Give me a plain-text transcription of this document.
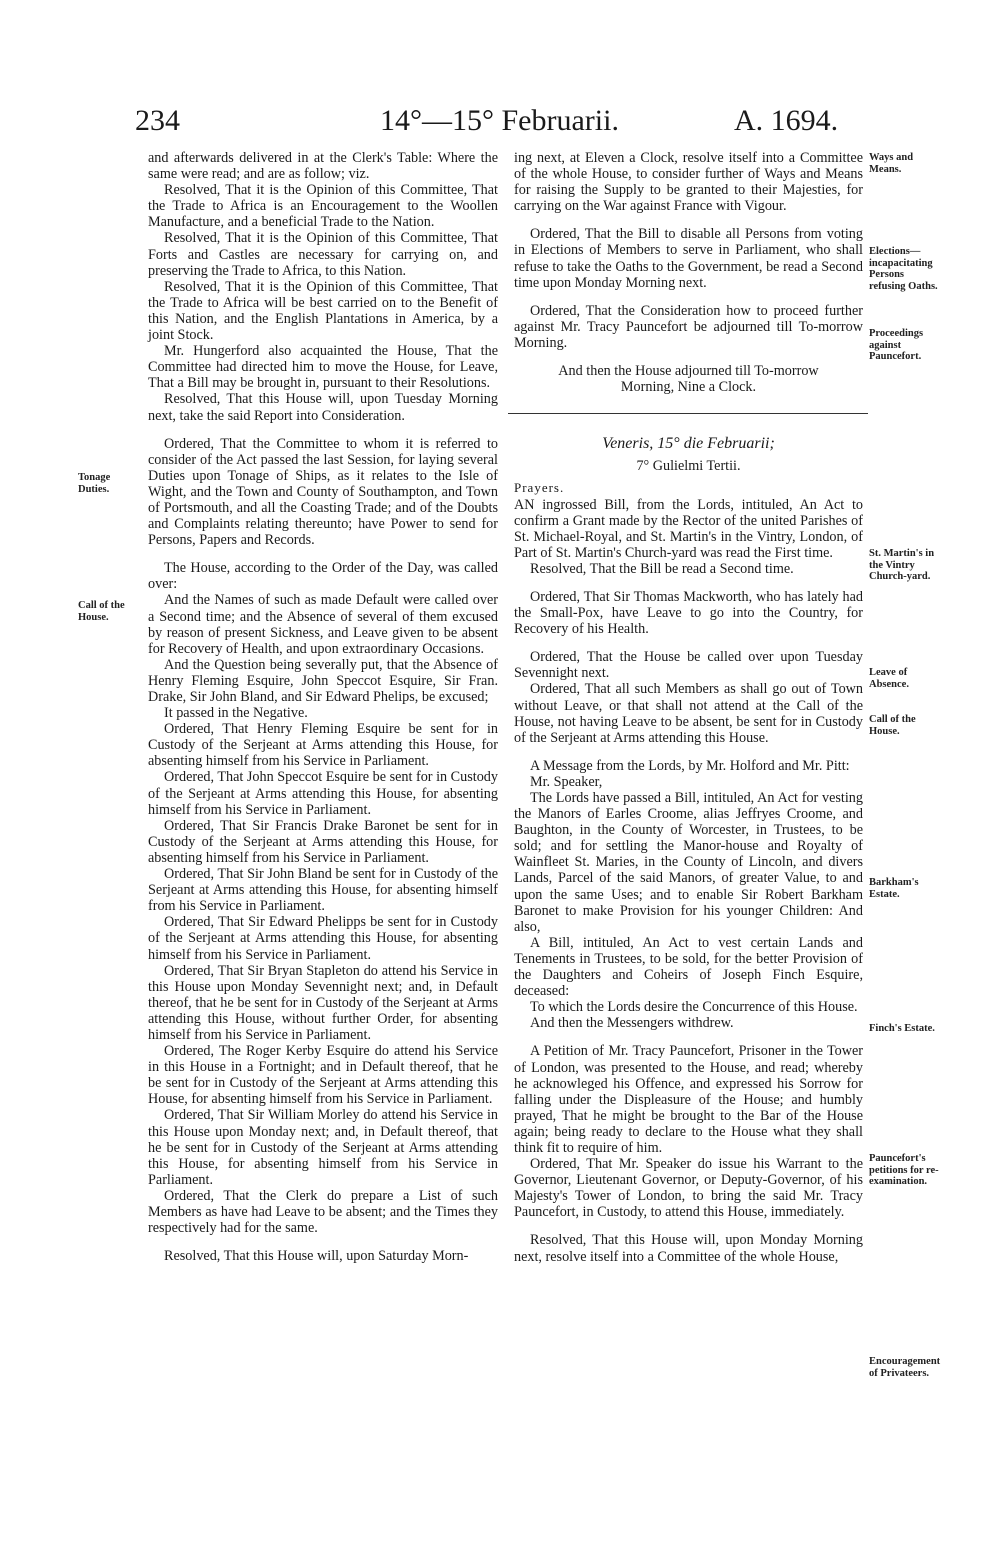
234	14°—15° Februarii.	A. 1694.

and afterwards delivered in at the Clerk's Table: Where the same were read; and are as follow; viz.

Resolved, That it is the Opinion of this Committee, That the Trade to Africa is an Encouragement to the Woollen Manufacture, and a beneficial Trade to the Nation.

Resolved, That it is the Opinion of this Committee, That Forts and Castles are necessary for carrying on, and preserving the Trade to Africa, to this Nation.

Resolved, That it is the Opinion of this Committee, That the Trade to Africa will be best carried on to the Benefit of this Nation, and the English Plantations in America, by a joint Stock.

Mr. Hungerford also acquainted the House, That the Committee had directed him to move the House, for Leave, That a Bill may be brought in, pursuant to their Resolutions.

Resolved, That this House will, upon Tuesday Morning next, take the said Report into Consideration.

Ordered, That the Committee to whom it is referred to consider of the Act passed the last Session, for laying several Duties upon Tonage of Ships, as it relates to the Isle of Wight, and the Town and County of Southampton, and Town of Portsmouth, and all the Coasting Trade; and of the Doubts and Complaints relating thereunto; have Power to send for Persons, Papers and Records.

The House, according to the Order of the Day, was called over:

And the Names of such as made Default were called over a Second time; and the Absence of several of them excused by reason of present Sickness, and Leave given to be absent for Recovery of Health, and upon extraordinary Occasions.

And the Question being severally put, that the Absence of Henry Fleming Esquire, John Speccot Esquire, Sir Fran. Drake, Sir John Bland, and Sir Edward Phelips, be excused;

It passed in the Negative.

Ordered, That Henry Fleming Esquire be sent for in Custody of the Serjeant at Arms attending this House, for absenting himself from his Service in Parliament.

Ordered, That John Speccot Esquire be sent for in Custody of the Serjeant at Arms attending this House, for absenting himself from his Service in Parliament.

Ordered, That Sir Francis Drake Baronet be sent for in Custody of the Serjeant at Arms attending this House, for absenting himself from his Service in Parliament.

Ordered, That Sir John Bland be sent for in Custody of the Serjeant at Arms attending this House, for absenting himself from his Service in Parliament.

Ordered, That Sir Edward Phelipps be sent for in Custody of the Serjeant at Arms attending this House, for absenting himself from his Service in Parliament.

Ordered, That Sir Bryan Stapleton do attend his Service in this House upon Monday Sevennight next; and, in Default thereof, that he be sent for in Custody of the Serjeant at Arms attending this House, without further Order, for absenting himself from his Service in Parliament.

Ordered, The Roger Kerby Esquire do attend his Service in this House in a Fortnight; and in Default thereof, that he be sent for in Custody of the Serjeant at Arms attending this House, for absenting himself from his Service in Parliament.

Ordered, That Sir William Morley do attend his Service in this House upon Monday next; and, in Default thereof, that he be sent for in Custody of the Serjeant at Arms attending this House, for absenting himself from his Service in Parliament.

Ordered, That the Clerk do prepare a List of such Members as have had Leave to be absent; and the Times they respectively had for the same.

Resolved, That this House will, upon Saturday Morn-

ing next, at Eleven a Clock, resolve itself into a Committee of the whole House, to consider further of Ways and Means for raising the Supply to be granted to their Majesties, for carrying on the War against France with Vigour.

Ordered, That the Bill to disable all Persons from voting in Elections of Members to serve in Parliament, who shall refuse to take the Oaths to the Government, be read a Second time upon Monday Morning next.

Ordered, That the Consideration how to proceed further against Mr. Tracy Pauncefort be adjourned till To-morrow Morning.

And then the House adjourned till To-morrow Morning, Nine a Clock.

Veneris, 15° die Februarii;

7° Gulielmi Tertii.

Prayers.

AN ingrossed Bill, from the Lords, intituled, An Act to confirm a Grant made by the Rector of the united Parishes of St. Michael-Royal, and St. Martin's in the Vintry, London, of Part of St. Martin's Church-yard was read the First time.

Resolved, That the Bill be read a Second time.

Ordered, That Sir Thomas Mackworth, who has lately had the Small-Pox, have Leave to go into the Country, for Recovery of his Health.

Ordered, That the House be called over upon Tuesday Sevennight next.

Ordered, That all such Members as shall go out of Town without Leave, or that shall not attend at the Call of the House, not having Leave to be absent, be sent for in Custody of the Serjeant at Arms attending this House.

A Message from the Lords, by Mr. Holford and Mr. Pitt:

Mr. Speaker,

The Lords have passed a Bill, intituled, An Act for vesting the Manors of Earles Croome, alias Jeffryes Croome, and Baughton, in the County of Worcester, in Trustees, to be sold; and for settling the Manor-house and Royalty of Wainfleet St. Maries, in the County of Lincoln, and divers Lands, Parcel of the said Manors, of greater Value, to and upon the same Uses; and to enable Sir Robert Barkham Baronet to make Provision for his younger Children: And also,

A Bill, intituled, An Act to vest certain Lands and Tenements in Trustees, to be sold, for the better Provision of the Daughters and Coheirs of Joseph Finch Esquire, deceased:

To which the Lords desire the Concurrence of this House.

And then the Messengers withdrew.

A Petition of Mr. Tracy Pauncefort, Prisoner in the Tower of London, was presented to the House, and read; whereby he acknowleged his Offence, and expressed his Sorrow for falling under the Displeasure of the House; and humbly prayed, That he might be brought to the Bar of the House again; being ready to declare to the House what they shall think fit to require of him.

Ordered, That Mr. Speaker do issue his Warrant to the Governor, Lieutenant Governor, or Deputy-Governor, of his Majesty's Tower of London, to bring the said Mr. Tracy Pauncefort, in Custody, to attend this House, immediately.

Resolved, That this House will, upon Monday Morning next, resolve itself into a Committee of the whole House,

Tonage Duties.
Call of the House.
Ways and Means.
Elections—incapacitating Persons refusing Oaths.
Proceedings against Pauncefort.
St. Martin's in the Vintry Church-yard.
Leave of Absence.
Call of the House.
Barkham's Estate.
Finch's Estate.
Pauncefort's petitions for re-examination.
Encouragement of Privateers.
